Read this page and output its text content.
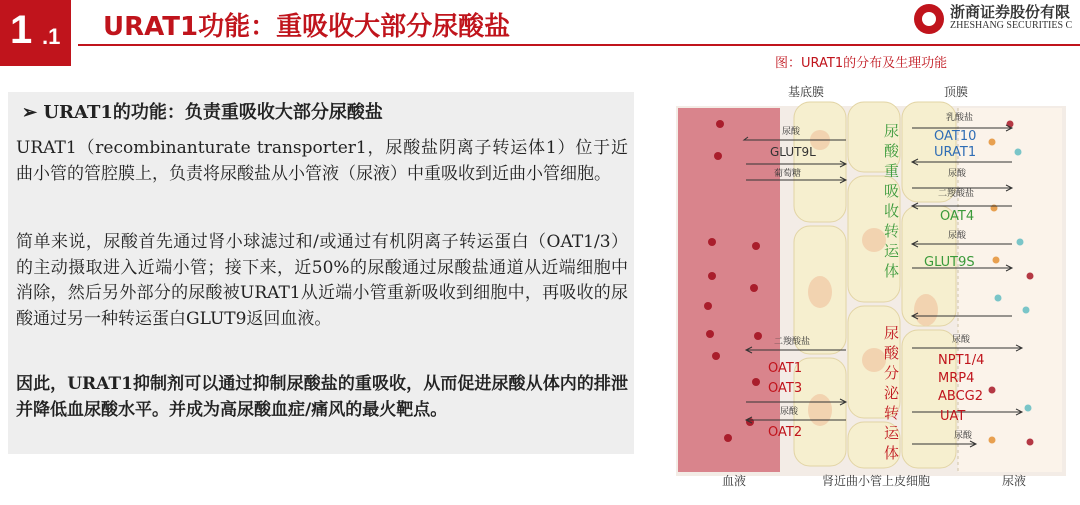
1 .1 URAT1功能：重吸收大部分尿酸盐	浙商证券股份有限
ZHESHANG SECURITIES C
➢ URAT1的功能：负责重吸收大部分尿酸盐
URAT1（recombinanturate transporter1，尿酸盐阴离子转运体1）位于近曲小管的管腔膜上，负责将尿酸盐从小管液（尿液）中重吸收到近曲小管细胞。
简单来说，尿酸首先通过肾小球滤过和/或通过有机阴离子转运蛋白（OAT1/3）的主动摄取进入近端小管；接下来，近50%的尿酸通过尿酸盐通道从近端细胞中消除，然后另外部分的尿酸被URAT1从近端小管重新吸收到细胞中，再吸收的尿酸通过另一种转运蛋白GLUT9返回血液。
因此，URAT1抑制剂可以通过抑制尿酸盐的重吸收，从而促进尿酸从体内的排泄并降低血尿酸水平。并成为高尿酸血症/痛风的最火靶点。
图：URAT1的分布及生理功能
基底膜	顶膜
血液	肾近曲小管上皮细胞	尿液
尿
酸
重
吸
收
转
运
体
尿
酸
分
泌
转
运
体
尿酸
GLUT9L
葡萄糖
二羧酸盐
OAT1
OAT3
尿酸
OAT2
乳酸盐
OAT10
URAT1
尿酸
二羧酸盐
OAT4
尿酸
GLUT9S
尿酸
NPT1/4
MRP4
ABCG2
UAT
尿酸
